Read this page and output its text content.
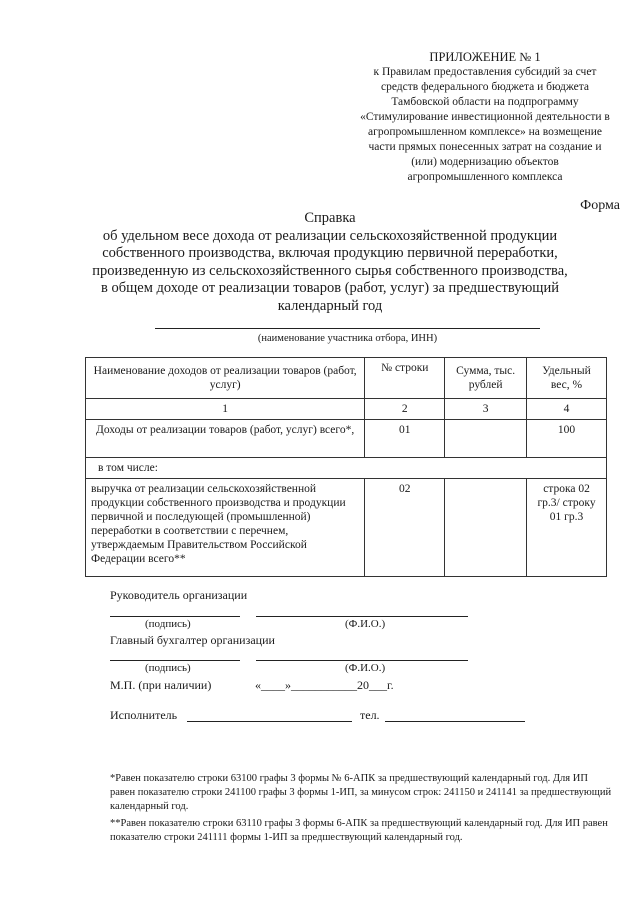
ПРИЛОЖЕНИЕ № 1
к Правилам предоставления субсидий за счет
средств федерального бюджета и бюджета
Тамбовской области на подпрограмму
«Стимулирование инвестиционной деятельности в
агропромышленном комплексе» на возмещение
части прямых понесенных затрат на создание и
(или) модернизацию объектов
агропромышленного комплекса
Форма
Справка
об удельном весе дохода от реализации сельскохозяйственной продукции
собственного производства, включая продукцию первичной переработки,
произведенную из сельскохозяйственного сырья собственного производства,
в общем доходе от реализации товаров (работ, услуг) за предшествующий
календарный год
(наименование участника отбора, ИНН)
Наименование доходов от реализации товаров (работ, услуг)	№ строки	Сумма, тыс. рублей	Удельный вес, %
1	2	3	4
Доходы от реализации товаров (работ, услуг) всего*,	01		100
в том числе:			
выручка от реализации сельскохозяйственной продукции собственного производства и продукции первичной и последующей (промышленной) переработки в соответствии с перечнем, утверждаемым Правительством Российской Федерации всего**	02		строка 02 гр.3/ строку 01 гр.3
Руководитель организации
(подпись)	(Ф.И.О.)
Главный бухгалтер организации
(подпись)	(Ф.И.О.)
М.П. (при наличии)	«____»___________20___г.
Исполнитель	тел.
*Равен показателю строки 63100 графы 3 формы № 6-АПК за предшествующий календарный год. Для ИП равен показателю строки 241100 графы 3 формы 1-ИП, за минусом строк: 241150 и 241141 за предшествующий календарный год.
**Равен показателю строки 63110 графы 3 формы 6-АПК за предшествующий календарный год. Для ИП равен показателю строки 241111 формы 1-ИП за предшествующий календарный год.
